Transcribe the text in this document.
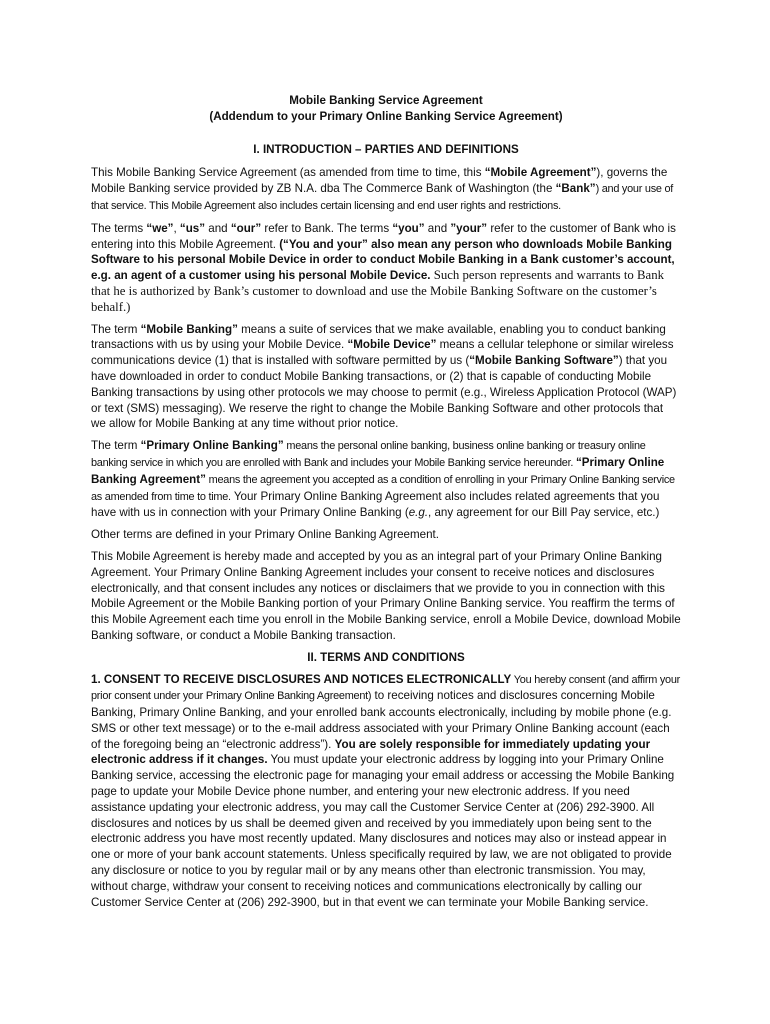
Mobile Banking Service Agreement
(Addendum to your Primary Online Banking Service Agreement)
I. INTRODUCTION – PARTIES AND DEFINITIONS

This Mobile Banking Service Agreement (as amended from time to time, this “Mobile Agreement”), governs the Mobile Banking service provided by ZB N.A. dba The Commerce Bank of Washington (the “Bank”) and your use of that service. This Mobile Agreement also includes certain licensing and end user rights and restrictions.

The terms “we”, “us” and “our” refer to Bank. The terms “you” and ”your” refer to the customer of Bank who is entering into this Mobile Agreement. (“You and your” also mean any person who downloads Mobile Banking Software to his personal Mobile Device in order to conduct Mobile Banking in a Bank customer’s account, e.g. an agent of a customer using his personal Mobile Device. Such person represents and warrants to Bank that he is authorized by Bank’s customer to download and use the Mobile Banking Software on the customer’s behalf.)

The term “Mobile Banking” means a suite of services that we make available, enabling you to conduct banking transactions with us by using your Mobile Device. “Mobile Device” means a cellular telephone or similar wireless communications device (1) that is installed with software permitted by us (“Mobile Banking Software”) that you have downloaded in order to conduct Mobile Banking transactions, or (2) that is capable of conducting Mobile Banking transactions by using other protocols we may choose to permit (e.g., Wireless Application Protocol (WAP) or text (SMS) messaging). We reserve the right to change the Mobile Banking Software and other protocols that we allow for Mobile Banking at any time without prior notice.

The term “Primary Online Banking” means the personal online banking, business online banking or treasury online banking service in which you are enrolled with Bank and includes your Mobile Banking service hereunder. “Primary Online Banking Agreement” means the agreement you accepted as a condition of enrolling in your Primary Online Banking service as amended from time to time. Your Primary Online Banking Agreement also includes related agreements that you have with us in connection with your Primary Online Banking (e.g., any agreement for our Bill Pay service, etc.)

Other terms are defined in your Primary Online Banking Agreement.

This Mobile Agreement is hereby made and accepted by you as an integral part of your Primary Online Banking Agreement. Your Primary Online Banking Agreement includes your consent to receive notices and disclosures electronically, and that consent includes any notices or disclaimers that we provide to you in connection with this Mobile Agreement or the Mobile Banking portion of your Primary Online Banking service. You reaffirm the terms of this Mobile Agreement each time you enroll in the Mobile Banking service, enroll a Mobile Device, download Mobile Banking software, or conduct a Mobile Banking transaction.

II. TERMS AND CONDITIONS

1. CONSENT TO RECEIVE DISCLOSURES AND NOTICES ELECTRONICALLY You hereby consent (and affirm your prior consent under your Primary Online Banking Agreement) to receiving notices and disclosures concerning Mobile Banking, Primary Online Banking, and your enrolled bank accounts electronically, including by mobile phone (e.g. SMS or other text message) or to the e-mail address associated with your Primary Online Banking account (each of the foregoing being an “electronic address”). You are solely responsible for immediately updating your electronic address if it changes. You must update your electronic address by logging into your Primary Online Banking service, accessing the electronic page for managing your email address or accessing the Mobile Banking page to update your Mobile Device phone number, and entering your new electronic address. If you need assistance updating your electronic address, you may call the Customer Service Center at (206) 292-3900. All disclosures and notices by us shall be deemed given and received by you immediately upon being sent to the electronic address you have most recently updated. Many disclosures and notices may also or instead appear in one or more of your bank account statements. Unless specifically required by law, we are not obligated to provide any disclosure or notice to you by regular mail or by any means other than electronic transmission. You may, without charge, withdraw your consent to receiving notices and communications electronically by calling our Customer Service Center at (206) 292-3900, but in that event we can terminate your Mobile Banking service.
